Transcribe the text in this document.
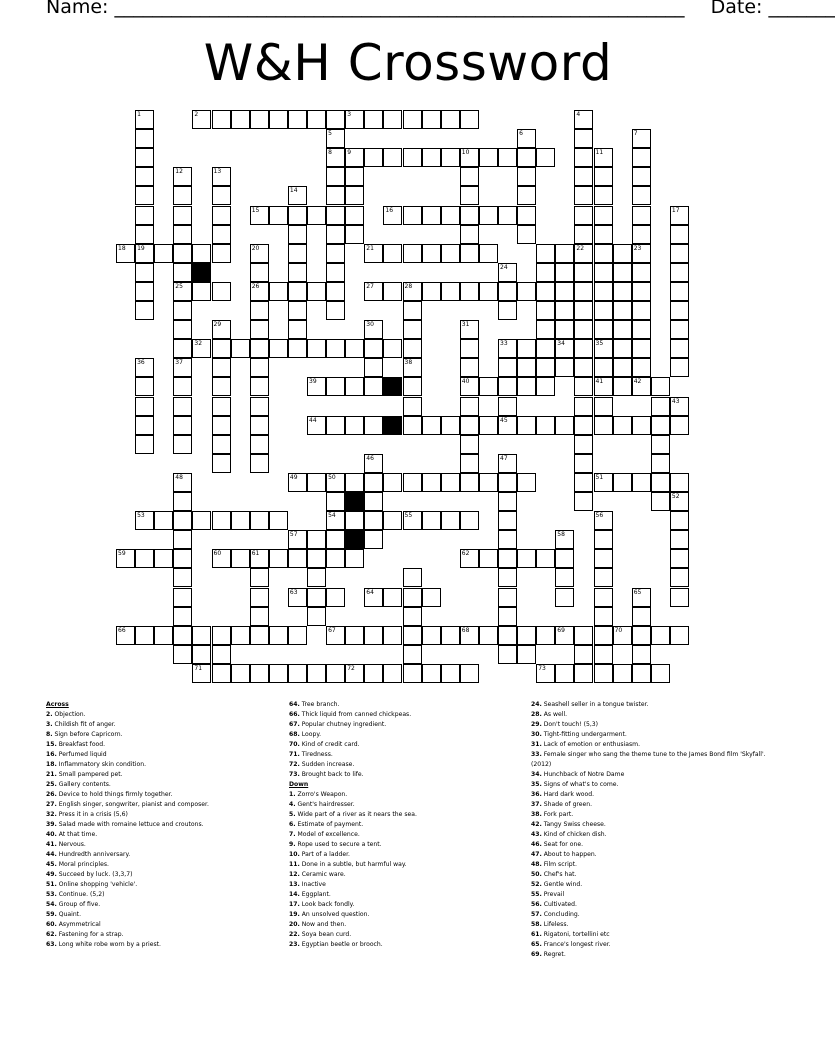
Name: ____________________________________________________________ Date: _______
W&H Crossword
2	3
1
19
4
22
5
8
6	7
23
9	10	11
35
41
12
25
37
13
14
15	16	17
18	20
26
21
24
27	28
29	30	31
40
32	33
45
34
36	38
39	42
43
44
46	47
48	49	50	51
52
53	54	55	56
57	58
59	60	61	62
63	64	65
66	67	68	69	70
71	72	73
Across
2. Objection.
3. Childish fit of anger.
8. Sign before Capricorn.
15. Breakfast food.
16. Perfumed liquid
18. Inflammatory skin condition.
21. Small pampered pet.
25. Gallery contents.
26. Device to hold things firmly together.
27. English singer, songwriter, pianist and composer.
32. Press it in a crisis (5,6)
39. Salad made with romaine lettuce and croutons.
40. At that time.
41. Nervous.
44. Hundredth anniversary.
45. Moral principles.
49. Succeed by luck. (3,3,7)
51. Online shopping 'vehicle'.
53. Continue. (5,2)
54. Group of five.
59. Quaint.
60. Asymmetrical
62. Fastening for a strap.
63. Long white robe worn by a priest.
64. Tree branch.
66. Thick liquid from canned chickpeas.
67. Popular chutney ingredient.
68. Loopy.
70. Kind of credit card.
71. Tiredness.
72. Sudden increase.
73. Brought back to life.
Down
1. Zorro's Weapon.
4. Gent's hairdresser.
5. Wide part of a river as it nears the sea.
6. Estimate of payment.
7. Model of excellence.
9. Rope used to secure a tent.
10. Part of a ladder.
11. Done in a subtle, but harmful way.
12. Ceramic ware.
13. Inactive
14. Eggplant.
17. Look back fondly.
19. An unsolved question.
20. Now and then.
22. Soya bean curd.
23. Egyptian beetle or brooch.
24. Seashell seller in a tongue twister.
28. As well.
29. Don't touch! (5,3)
30. Tight-fitting undergarment.
31. Lack of emotion or enthusiasm.
33. Female singer who sang the theme tune to the James Bond film 'Skyfall'. (2012)
34. Hunchback of Notre Dame
35. Signs of what's to come.
36. Hard dark wood.
37. Shade of green.
38. Fork part.
42. Tangy Swiss cheese.
43. Kind of chicken dish.
46. Seat for one.
47. About to happen.
48. Film script.
50. Chef's hat.
52. Gentle wind.
55. Prevail
56. Cultivated.
57. Concluding.
58. Lifeless.
61. Rigatoni, tortellini etc
65. France's longest river.
69. Regret.
